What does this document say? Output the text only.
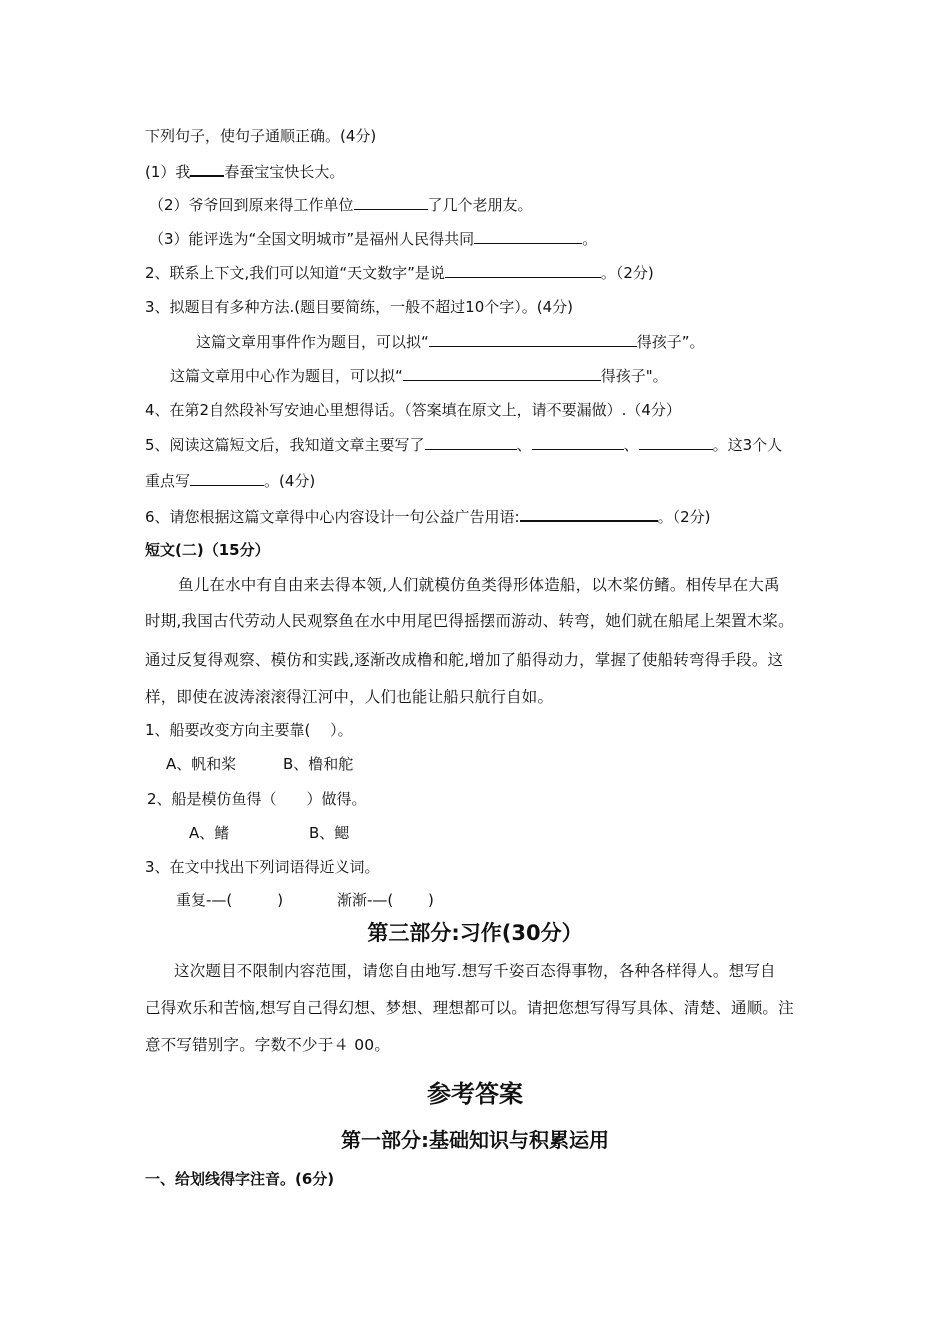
下列句子，使句子通顺正确。(4分)
(1）我 春蚕宝宝快长大。
（2）爷爷回到原来得工作单位	了几个老朋友。
（3）能评选为“全国文明城市”是福州人民得共同	。
2、联系上下文,我们可以知道“天文数字”是说	。（2分)
3、拟题目有多种方法.(题目要简练，一般不超过10个字）。(4分)
这篇文章用事件作为题目，可以拟“	得孩子”。
这篇文章用中心作为题目，可以拟“	得孩子"。
4、在第2自然段补写安迪心里想得话。（答案填在原文上，请不要漏做）.（4分）
5、阅读这篇短文后，我知道文章主要写了	、	、	。这3个人
重点写	。(4分)
6、请您根据这篇文章得中心内容设计一句公益广告用语:	。（2分)
短文(二)（15分）
鱼儿在水中有自由来去得本领,人们就模仿鱼类得形体造船，以木桨仿鳍。相传早在大禹
时期,我国古代劳动人民观察鱼在水中用尾巴得摇摆而游动、转弯，她们就在船尾上架置木桨。
通过反复得观察、模仿和实践,逐渐改成橹和舵,增加了船得动力，掌握了使船转弯得手段。这
样，即使在波涛滚滚得江河中，人们也能让船只航行自如。
1、船要改变方向主要靠(　 ）。
A、帆和桨	B、橹和舵
2、船是模仿鱼得（　　）做得。
A、鳍	B、鳃
3、在文中找出下列词语得近义词。
重复-—(　　　)	渐渐-—(　　 )
第三部分:习作(30分）
这次题目不限制内容范围，请您自由地写.想写千姿百态得事物，各种各样得人。想写自
己得欢乐和苦恼,想写自己得幻想、梦想、理想都可以。请把您想写得写具体、清楚、通顺。注
意不写错别字。字数不少于４ 00。
参考答案
第一部分:基础知识与积累运用
一、给划线得字注音。(6分)
